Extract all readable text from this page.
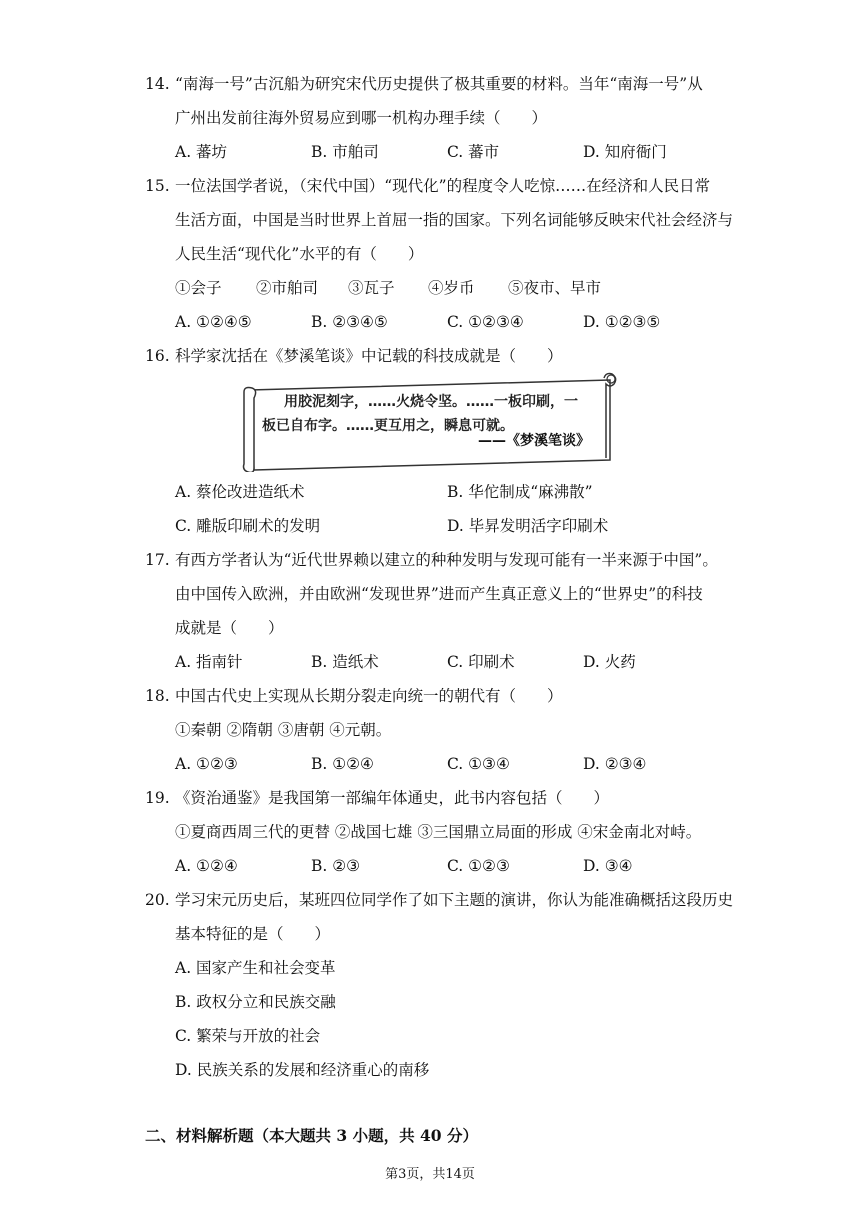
14. “南海一号”古沉船为研究宋代历史提供了极其重要的材料。当年“南海一号”从
广州出发前往海外贸易应到哪一机构办理手续（　　）
A. 蕃坊	B. 市舶司	C. 蕃市	D. 知府衙门
15. 一位法国学者说，（宋代中国）“现代化”的程度令人吃惊……在经济和人民日常
生活方面，中国是当时世界上首屈一指的国家。下列名词能够反映宋代社会经济与
人民生活“现代化”水平的有（　　）
①会子 ②市舶司 ③瓦子 ④岁币 ⑤夜市、早市
A. ①②④⑤	B. ②③④⑤	C. ①②③④	D. ①②③⑤
16. 科学家沈括在《梦溪笔谈》中记载的科技成就是（　　）
用胶泥刻字，……火烧令坚。……一板印刷，一
板已自布字。……更互用之，瞬息可就。
——《梦溪笔谈》
A. 蔡伦改进造纸术	B. 华佗制成“麻沸散”
C. 雕版印刷术的发明	D. 毕昇发明活字印刷术
17. 有西方学者认为“近代世界赖以建立的种种发明与发现可能有一半来源于中国”。
由中国传入欧洲，并由欧洲“发现世界”进而产生真正意义上的“世界史”的科技
成就是（　　）
A. 指南针	B. 造纸术	C. 印刷术	D. 火药
18. 中国古代史上实现从长期分裂走向统一的朝代有（　　）
①秦朝 ②隋朝 ③唐朝 ④元朝。
A. ①②③	B. ①②④	C. ①③④	D. ②③④
19. 《资治通鉴》是我国第一部编年体通史，此书内容包括（　　）
①夏商西周三代的更替 ②战国七雄 ③三国鼎立局面的形成 ④宋金南北对峙。
A. ①②④	B. ②③	C. ①②③	D. ③④
20. 学习宋元历史后，某班四位同学作了如下主题的演讲，你认为能准确概括这段历史
基本特征的是（　　）
A. 国家产生和社会变革
B. 政权分立和民族交融
C. 繁荣与开放的社会
D. 民族关系的发展和经济重心的南移
二、材料解析题（本大题共 3 小题，共 40 分）
第3页，共14页
